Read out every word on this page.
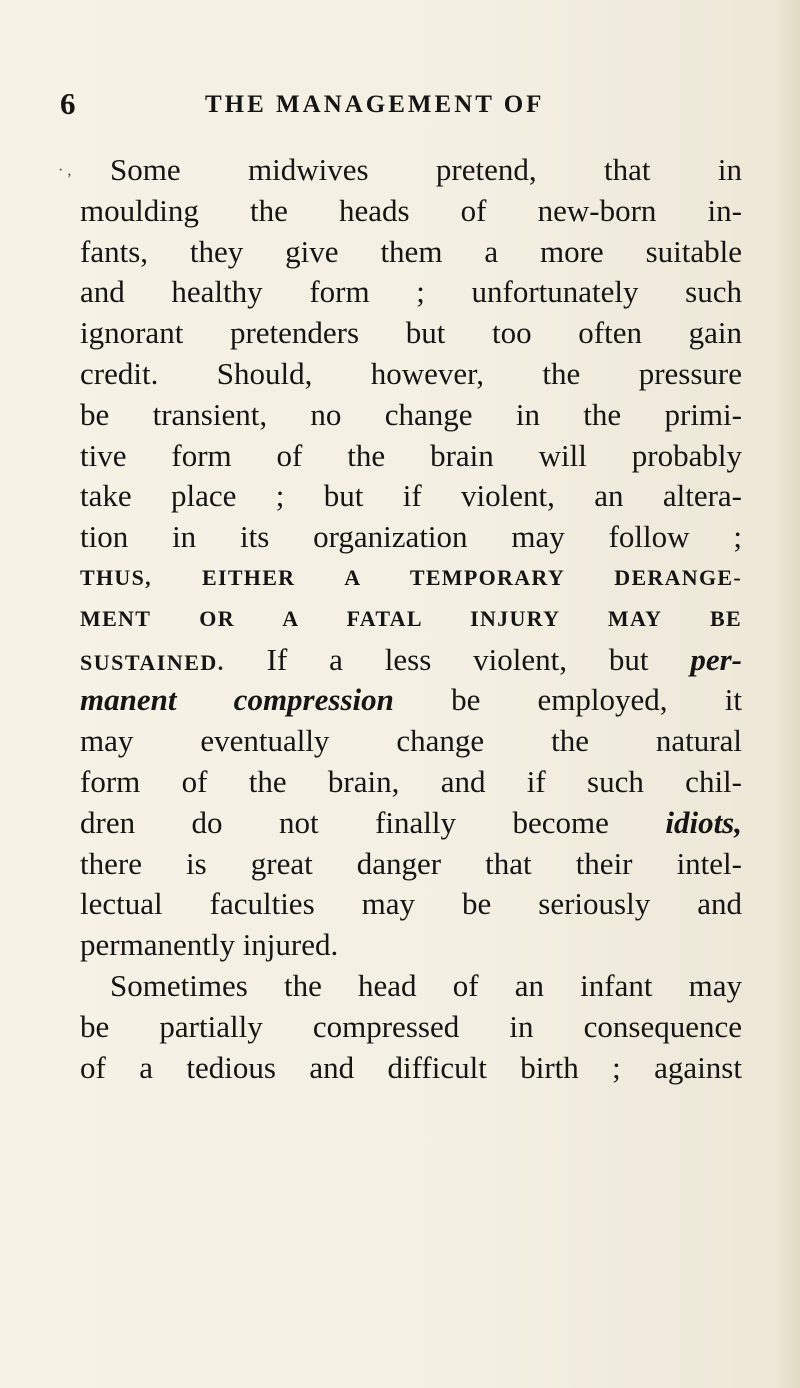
6	THE MANAGEMENT OF
· ,	Some midwives pretend, that in
moulding the heads of new-born in-
fants, they give them a more suitable
and healthy form ; unfortunately such
ignorant pretenders but too often gain
credit. Should, however, the pressure
be transient, no change in the primi-
tive form of the brain will probably
take place ; but if violent, an altera-
tion in its organization may follow ;
THUS, EITHER A TEMPORARY DERANGE-
MENT OR A FATAL INJURY MAY BE
SUSTAINED. If a less violent, but per-
manent compression be employed, it
may eventually change the natural
form of the brain, and if such chil-
dren do not finally become idiots,
there is great danger that their intel-
lectual faculties may be seriously and
permanently injured.
Sometimes the head of an infant may
be partially compressed in consequence
of a tedious and difficult birth ; against
